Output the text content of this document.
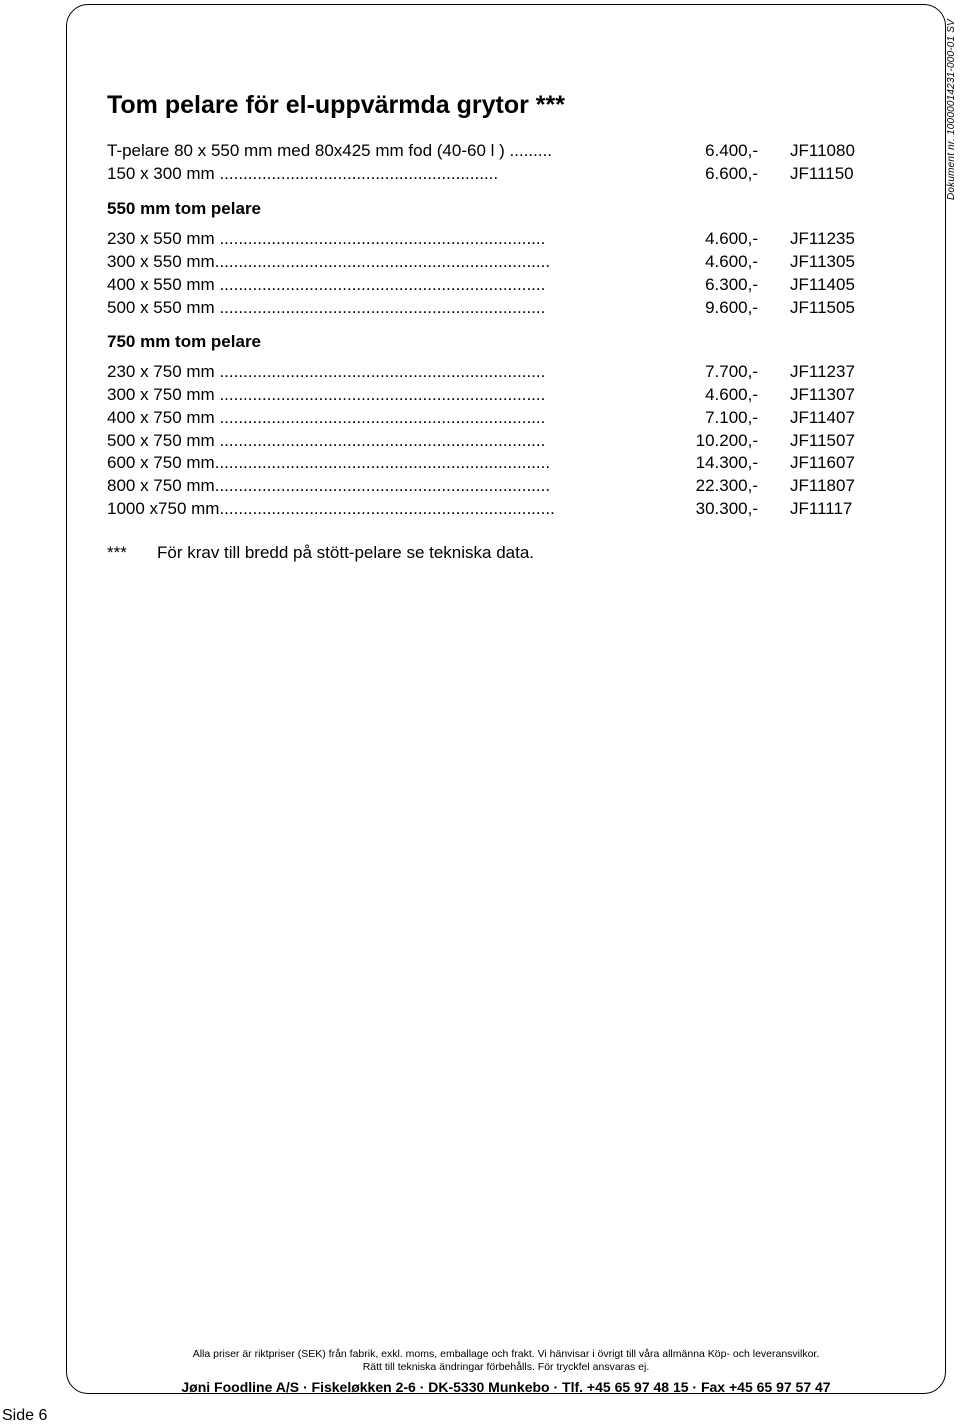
Dokument nr. 10000014231-000-01 SV
Tom pelare för el-uppvärmda grytor ***
T-pelare 80 x 550 mm med 80x425 mm fod (40-60 l ) .........	6.400,- JF11080
150 x 300 mm ...........................................................	6.600,- JF11150
550 mm tom pelare
230 x 550 mm .....................................................................	4.600,- JF11235
300 x 550 mm.......................................................................	4.600,- JF11305
400 x 550 mm .....................................................................	6.300,- JF11405
500 x 550 mm .....................................................................	9.600,- JF11505
750 mm tom pelare
230 x 750 mm .....................................................................	7.700,- JF11237
300 x 750 mm .....................................................................	4.600,- JF11307
400 x 750 mm .....................................................................	7.100,- JF11407
500 x 750 mm .....................................................................	10.200,- JF11507
600 x 750 mm.......................................................................	14.300,- JF11607
800 x 750 mm.......................................................................	22.300,- JF11807
1000 x750 mm.......................................................................	30.300,- JF11117
*** För krav till bredd på stött-pelare se tekniska data.
Alla priser är riktpriser (SEK) från fabrik, exkl. moms, emballage och frakt. Vi hänvisar i övrigt till våra allmänna Köp- och leveransvilkor.
Rätt till tekniska ändringar förbehålls. För tryckfel ansvaras ej.
Jøni Foodline A/S · Fiskeløkken 2-6 · DK-5330 Munkebo · Tlf. +45 65 97 48 15 · Fax +45 65 97 57 47
Side 6
